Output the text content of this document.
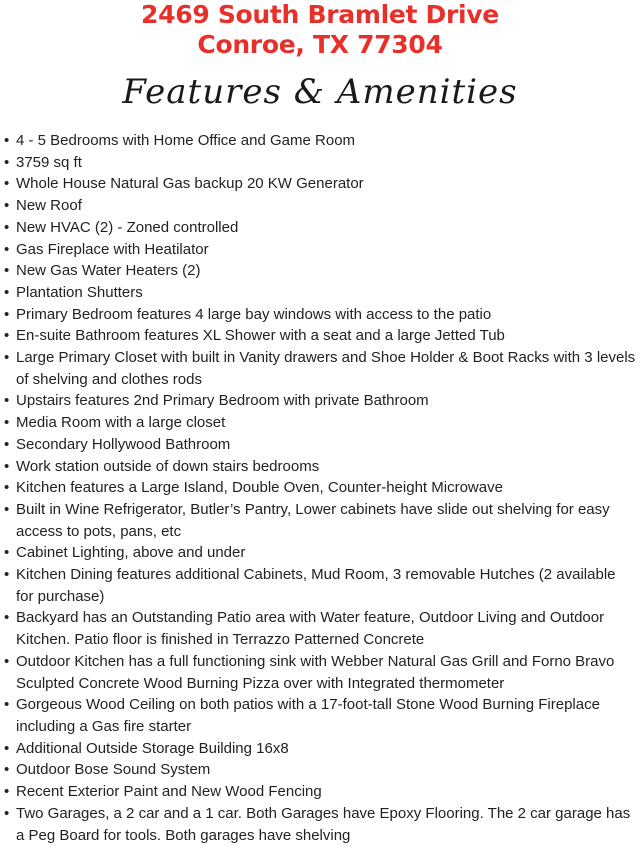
2469 South Bramlet Drive
Conroe, TX 77304
Features & Amenities
• 4 - 5 Bedrooms with Home Office and Game Room
• 3759 sq ft
• Whole House Natural Gas backup 20 KW Generator
• New Roof
• New HVAC (2) - Zoned controlled
• Gas Fireplace with Heatilator
• New Gas Water Heaters (2)
• Plantation Shutters
• Primary Bedroom features 4 large bay windows with access to the patio
• En-suite Bathroom features XL Shower with a seat and a large Jetted Tub
• Large Primary Closet with built in Vanity drawers and Shoe Holder & Boot Racks with 3 levels of shelving and clothes rods
• Upstairs features 2nd Primary Bedroom with private Bathroom
• Media Room with a large closet
• Secondary Hollywood Bathroom
• Work station outside of down stairs bedrooms
• Kitchen features a Large Island, Double Oven, Counter-height Microwave
• Built in Wine Refrigerator, Butler’s Pantry, Lower cabinets have slide out shelving for easy access to pots, pans, etc
• Cabinet Lighting, above and under
• Kitchen Dining features additional Cabinets, Mud Room, 3 removable Hutches (2 available for purchase)
• Backyard has an Outstanding Patio area with Water feature, Outdoor Living and Outdoor Kitchen. Patio floor is finished in Terrazzo Patterned Concrete
• Outdoor Kitchen has a full functioning sink with Webber Natural Gas Grill and Forno Bravo Sculpted Concrete Wood Burning Pizza over with Integrated thermometer
• Gorgeous Wood Ceiling on both patios with a 17-foot-tall Stone Wood Burning Fireplace including a Gas fire starter
• Additional Outside Storage Building 16x8
• Outdoor Bose Sound System
• Recent Exterior Paint and New Wood Fencing
• Two Garages, a 2 car and a 1 car. Both Garages have Epoxy Flooring. The 2 car garage has a Peg Board for tools. Both garages have shelving
